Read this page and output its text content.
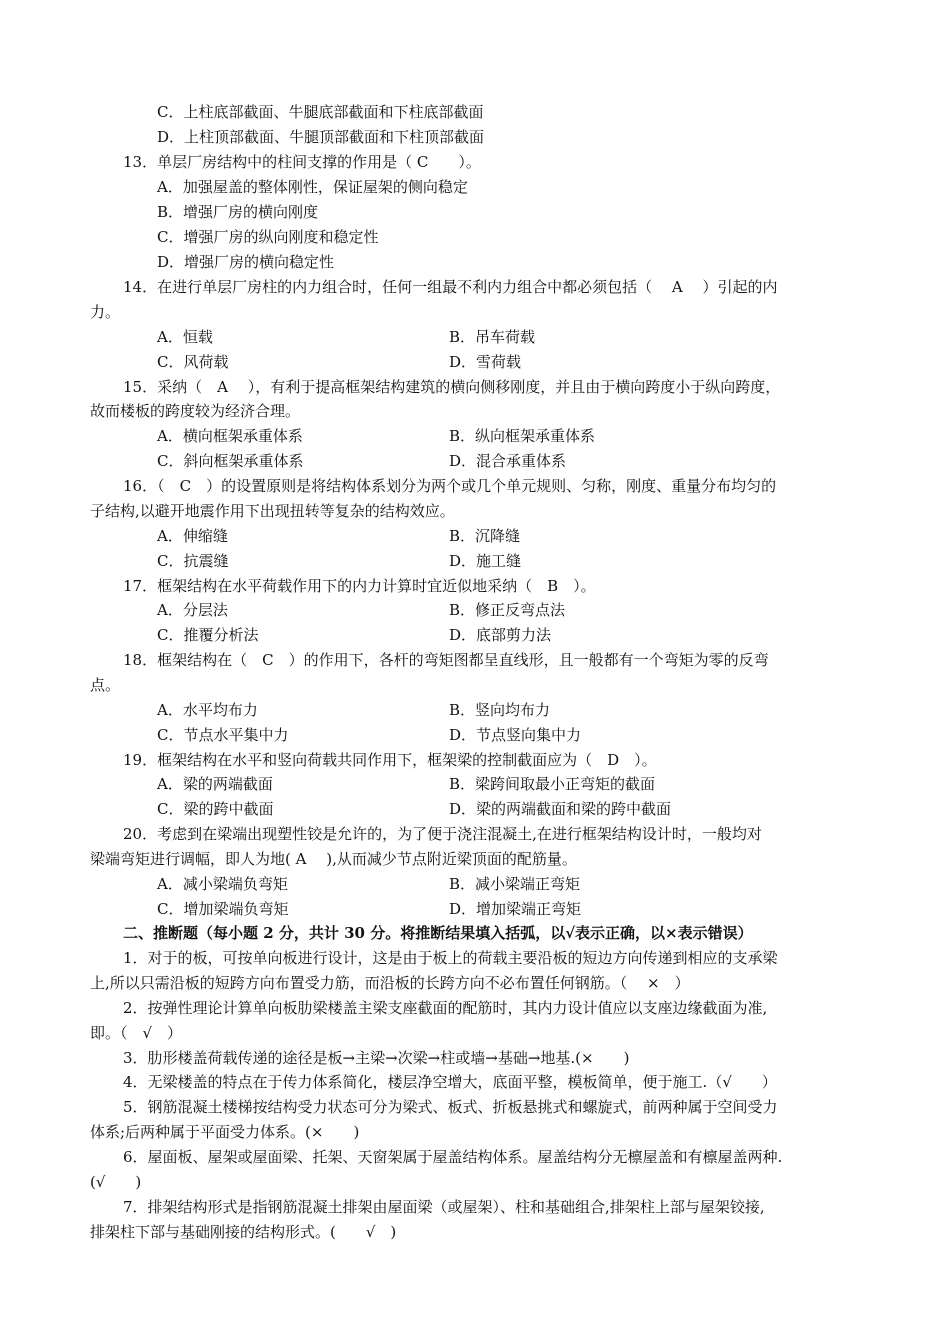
C．上柱底部截面、牛腿底部截面和下柱底部截面
D．上柱顶部截面、牛腿顶部截面和下柱顶部截面
13．单层厂房结构中的柱间支撑的作用是（ C　　）。
A．加强屋盖的整体刚性，保证屋架的侧向稳定
B．增强厂房的横向刚度
C．增强厂房的纵向刚度和稳定性
D．增强厂房的横向稳定性
14．在进行单层厂房柱的内力组合时，任何一组最不利内力组合中都必须包括（　 A　 ）引起的内
力。
A．恒载	B．吊车荷载
C．风荷载	D．雪荷载
15．采纳（　A　 ），有利于提高框架结构建筑的横向侧移刚度，并且由于横向跨度小于纵向跨度，
故而楼板的跨度较为经济合理。
A．横向框架承重体系	B．纵向框架承重体系
C．斜向框架承重体系	D．混合承重体系
16．（　C　）的设置原则是将结构体系划分为两个或几个单元规则、匀称，刚度、重量分布均匀的
子结构,以避开地震作用下出现扭转等复杂的结构效应。
A．伸缩缝	B．沉降缝
C．抗震缝	D．施工缝
17．框架结构在水平荷载作用下的内力计算时宜近似地采纳（　B　）。
A．分层法	B．修正反弯点法
C．推覆分析法	D．底部剪力法
18．框架结构在（　C　）的作用下，各杆的弯矩图都呈直线形，且一般都有一个弯矩为零的反弯
点。
A．水平均布力	B．竖向均布力
C．节点水平集中力	D．节点竖向集中力
19．框架结构在水平和竖向荷载共同作用下，框架梁的控制截面应为（　D　）。
A．梁的两端截面	B．梁跨间取最小正弯矩的截面
C．梁的跨中截面	D．梁的两端截面和梁的跨中截面
20．考虑到在梁端出现塑性铰是允许的，为了便于浇注混凝土,在进行框架结构设计时，一般均对
梁端弯矩进行调幅，即人为地( A　 ),从而减少节点附近梁顶面的配筋量。
A．减小梁端负弯矩	B．减小梁端正弯矩
C．增加梁端负弯矩	D．增加梁端正弯矩
二、推断题（每小题 2 分，共计 30 分。将推断结果填入括弧，以√表示正确，以×表示错误）
1．对于的板，可按单向板进行设计，这是由于板上的荷载主要沿板的短边方向传递到相应的支承梁
上,所以只需沿板的短跨方向布置受力筋，而沿板的长跨方向不必布置任何钢筋。（　 ×　）
2．按弹性理论计算单向板肋梁楼盖主梁支座截面的配筋时，其内力设计值应以支座边缘截面为准,
即。（　√　）
3．肋形楼盖荷载传递的途径是板→主梁→次梁→柱或墙→基础→地基.(×　　)
4．无梁楼盖的特点在于传力体系简化，楼层净空增大，底面平整，模板简单，便于施工.（√　　）
5．钢筋混凝土楼梯按结构受力状态可分为梁式、板式、折板悬挑式和螺旋式，前两种属于空间受力
体系;后两种属于平面受力体系。(×　　)
6．屋面板、屋架或屋面梁、托架、天窗架属于屋盖结构体系。屋盖结构分无檩屋盖和有檩屋盖两种.
(√　　)
7．排架结构形式是指钢筋混凝土排架由屋面梁（或屋架）、柱和基础组合,排架柱上部与屋架铰接,
排架柱下部与基础刚接的结构形式。(　　√　)
